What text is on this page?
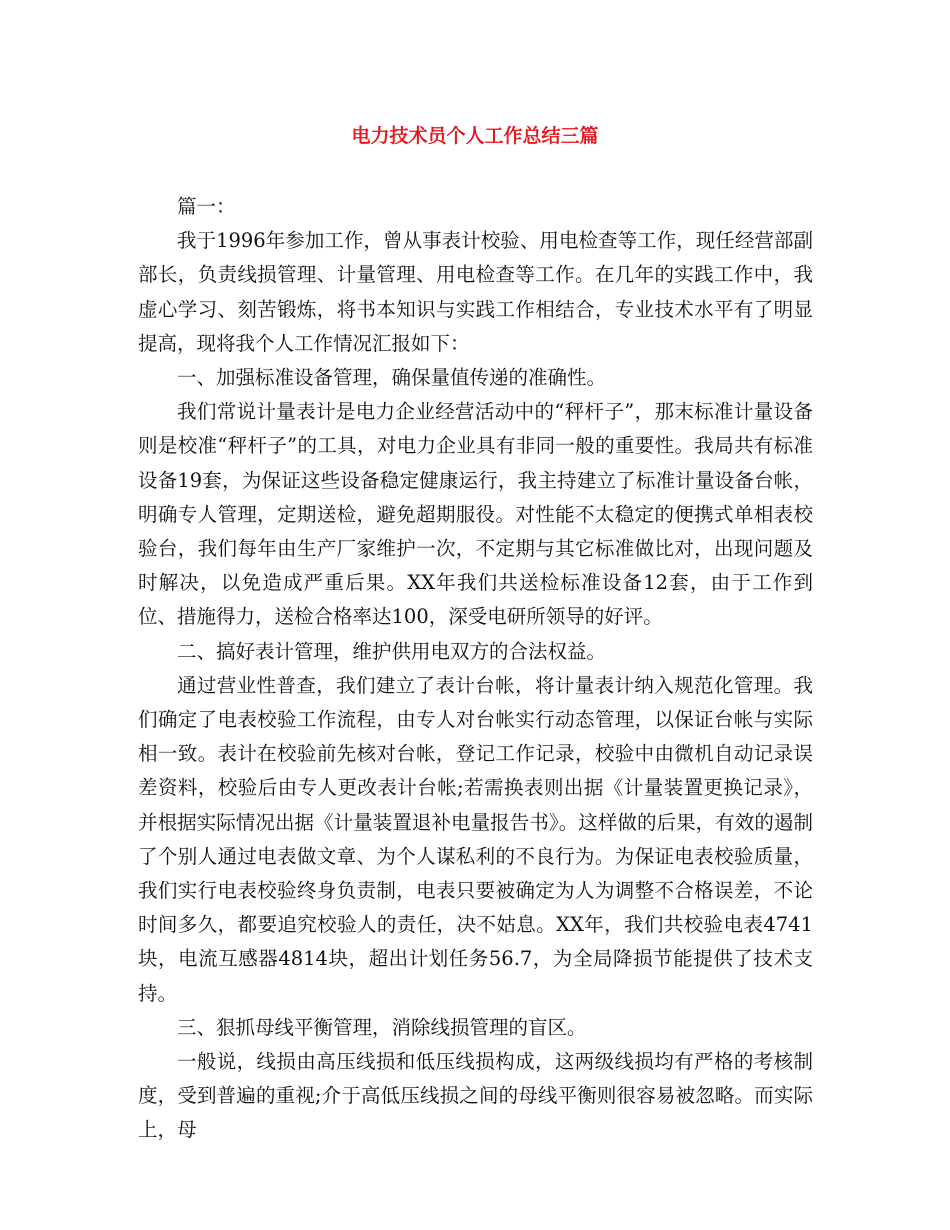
电力技术员个人工作总结三篇

篇一：

我于1996年参加工作，曾从事表计校验、用电检查等工作，现任经营部副部长，负责线损管理、计量管理、用电检查等工作。在几年的实践工作中，我虚心学习、刻苦锻炼，将书本知识与实践工作相结合，专业技术水平有了明显提高，现将我个人工作情况汇报如下：

一、加强标准设备管理，确保量值传递的准确性。

我们常说计量表计是电力企业经营活动中的“秤杆子”，那末标准计量设备则是校准“秤杆子”的工具，对电力企业具有非同一般的重要性。我局共有标准设备19套，为保证这些设备稳定健康运行，我主持建立了标准计量设备台帐，明确专人管理，定期送检，避免超期服役。对性能不太稳定的便携式单相表校验台，我们每年由生产厂家维护一次，不定期与其它标准做比对，出现问题及时解决，以免造成严重后果。XX年我们共送检标准设备12套，由于工作到位、措施得力，送检合格率达100，深受电研所领导的好评。

二、搞好表计管理，维护供用电双方的合法权益。

通过营业性普查，我们建立了表计台帐，将计量表计纳入规范化管理。我们确定了电表校验工作流程，由专人对台帐实行动态管理，以保证台帐与实际相一致。表计在校验前先核对台帐，登记工作记录，校验中由微机自动记录误差资料，校验后由专人更改表计台帐;若需换表则出据《计量装置更换记录》，并根据实际情况出据《计量装置退补电量报告书》。这样做的后果，有效的遏制了个别人通过电表做文章、为个人谋私利的不良行为。为保证电表校验质量，我们实行电表校验终身负责制，电表只要被确定为人为调整不合格误差，不论时间多久，都要追究校验人的责任，决不姑息。XX年，我们共校验电表4741块，电流互感器4814块，超出计划任务56.7，为全局降损节能提供了技术支持。

三、狠抓母线平衡管理，消除线损管理的盲区。

一般说，线损由高压线损和低压线损构成，这两级线损均有严格的考核制度，受到普遍的重视;介于高低压线损之间的母线平衡则很容易被忽略。而实际上，母
